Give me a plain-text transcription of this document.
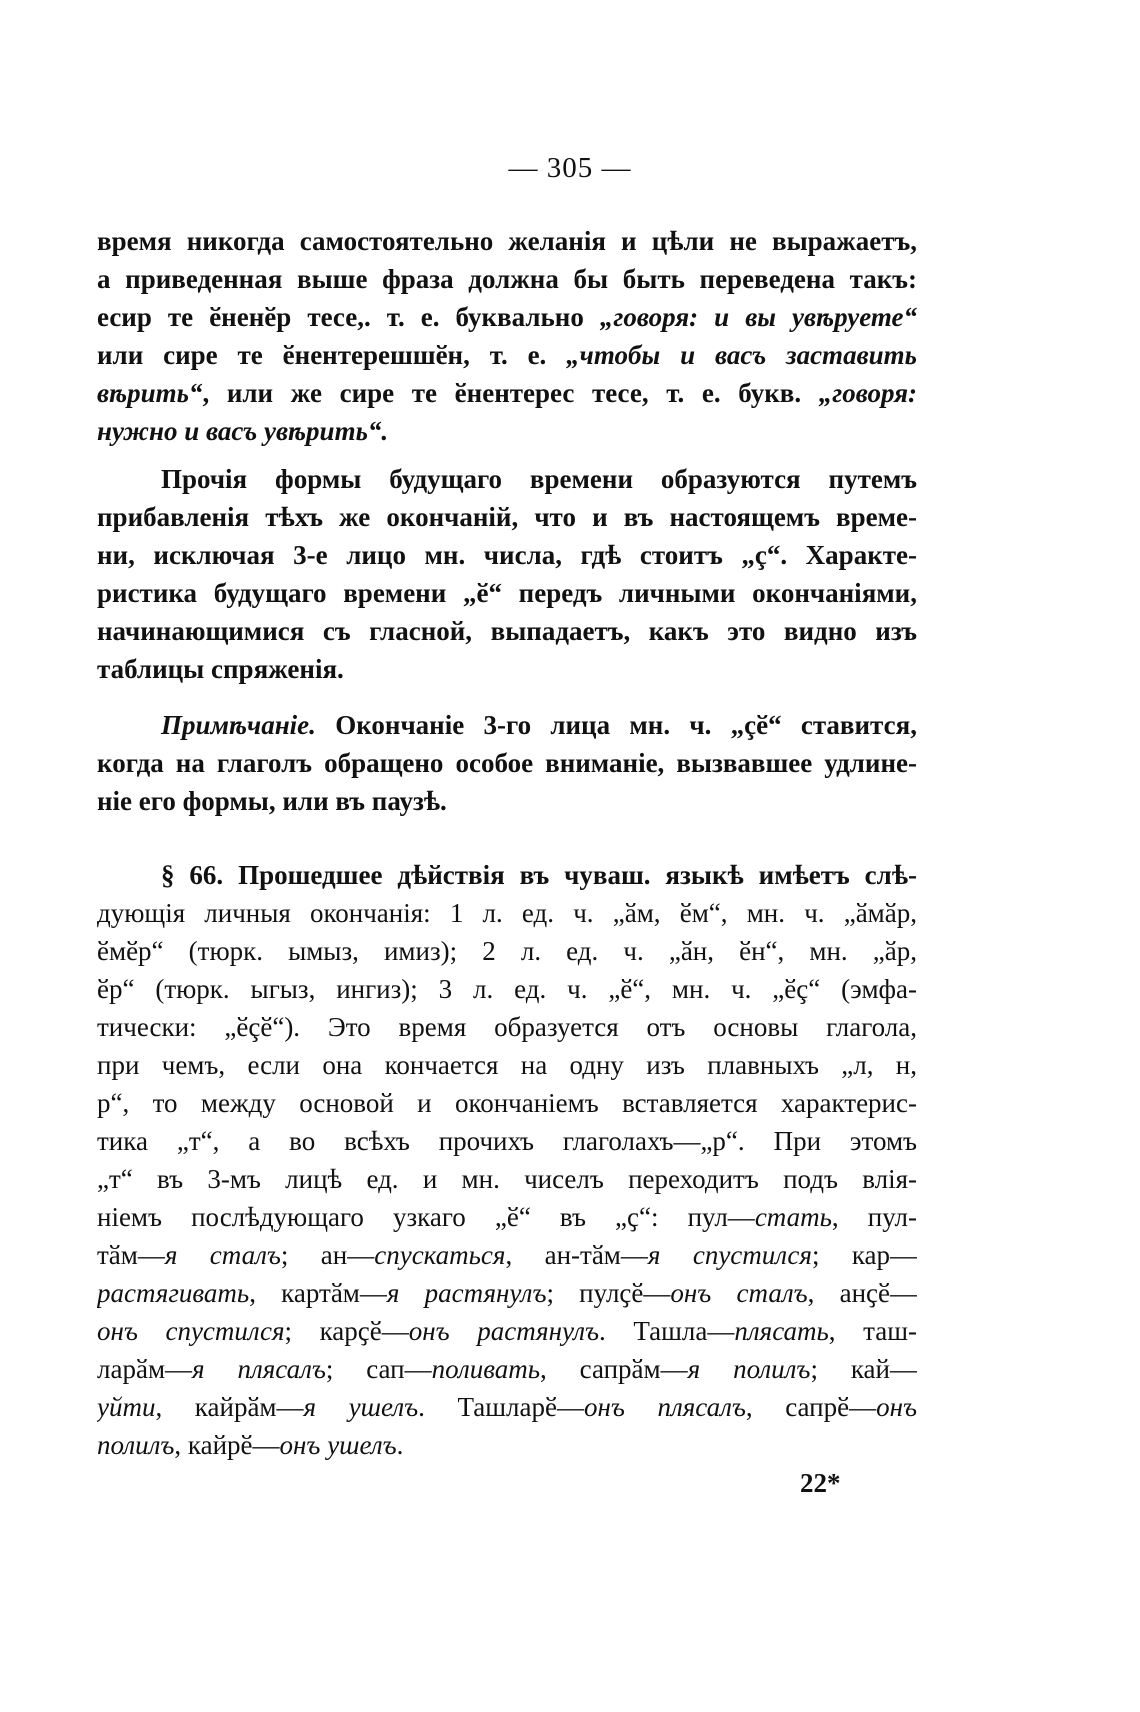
— 305 —
время никогда самостоятельно желанія и цѣли не выражаетъ,
а приведенная выше фраза должна бы быть переведена такъ:
есир те ӗненӗр тесе,. т. е. буквально „говоря: и вы увѣруете“
или сире те ӗнентерешшӗн, т. е. „чтобы и васъ заставить
вѣрить“, или же сире те ӗнентерес тесе, т. е. букв. „говоря:
нужно и васъ увѣрить“.
Прочія формы будущаго времени образуются путемъ
прибавленія тѣхъ же окончаній, что и въ настоящемъ време-
ни, исключая 3-е лицо мн. числа, гдѣ стоитъ „ç“. Характе-
ристика будущаго времени „ӗ“ передъ личными окончаніями,
начинающимися съ гласной, выпадаетъ, какъ это видно изъ
таблицы спряженія.
Примѣчаніе. Окончаніе 3-го лица мн. ч. „çӗ“ ставится,
когда на глаголъ обращено особое вниманіе, вызвавшее удлине-
ніе его формы, или въ паузѣ.
§ 66. Прошедшее дѣйствія въ чуваш. языкѣ имѣетъ слѣ-
дующія личныя окончанія: 1 л. ед. ч. „ӑм, ӗм“, мн. ч. „ӑмӑр,
ӗмӗр“ (тюрк. ымыз, имиз); 2 л. ед. ч. „ӑн, ӗн“, мн. „ӑр,
ӗр“ (тюрк. ыгыз, ингиз); 3 л. ед. ч. „ӗ“, мн. ч. „ӗç“ (эмфа-
тически: „ӗçӗ“). Это время образуется отъ основы глагола,
при чемъ, если она кончается на одну изъ плавныхъ „л, н,
р“, то между основой и окончаніемъ вставляется характерис-
тика „т“, а во всѣхъ прочихъ глаголахъ—„р“. При этомъ
„т“ въ 3-мъ лицѣ ед. и мн. чиселъ переходитъ подъ влія-
ніемъ послѣдующаго узкаго „ӗ“ въ „ҫ“: пул—стать, пул-
тӑм—я сталъ; ан—спускаться, ан-тӑм—я спустился; кар—
растягивать, картӑм—я растянулъ; пулҫӗ—онъ сталъ, анҫӗ—
онъ спустился; карҫӗ—онъ растянулъ. Ташла—плясать, таш-
ларӑм—я плясалъ; сап—поливать, сапрӑм—я полилъ; кай—
уйти, кайрӑм—я ушелъ. Ташларӗ—онъ плясалъ, сапрӗ—онъ
полилъ, кайрӗ—онъ ушелъ.
22*
